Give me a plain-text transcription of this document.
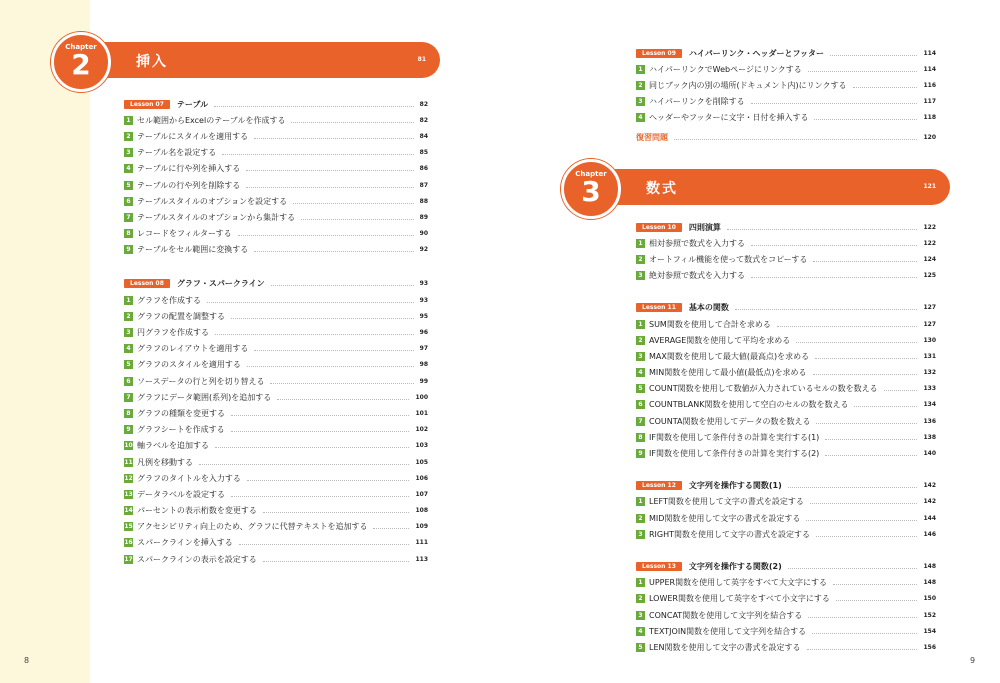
Chapter
2	挿入	81
Lesson 07	テーブル	82
1 セル範囲からExcelのテーブルを作成する	82
2 テーブルにスタイルを適用する	84
3 テーブル名を設定する	85
4 テーブルに行や列を挿入する	86
5 テーブルの行や列を削除する	87
6 テーブルスタイルのオプションを設定する	88
7 テーブルスタイルのオプションから集計する	89
8 レコードをフィルターする	90
9 テーブルをセル範囲に変換する	92
Lesson 08	グラフ・スパークライン	93
1 グラフを作成する	93
2 グラフの配置を調整する	95
3 円グラフを作成する	96
4 グラフのレイアウトを適用する	97
5 グラフのスタイルを適用する	98
6 ソースデータの行と列を切り替える	99
7 グラフにデータ範囲(系列)を追加する	100
8 グラフの種類を変更する	101
9 グラフシートを作成する	102
10 軸ラベルを追加する	103
11 凡例を移動する	105
12 グラフのタイトルを入力する	106
13 データラベルを設定する	107
14 パーセントの表示桁数を変更する	108
15 アクセシビリティ向上のため、グラフに代替テキストを追加する	109
16 スパークラインを挿入する	111
17 スパークラインの表示を設定する	113
Lesson 09	ハイパーリンク・ヘッダーとフッター	114
1 ハイパーリンクでWebページにリンクする	114
2 同じブック内の別の場所(ドキュメント内)にリンクする	116
3 ハイパーリンクを削除する	117
4 ヘッダーやフッターに文字・日付を挿入する	118
復習問題	120
Chapter
3	数式	121
Lesson 10	四則演算	122
1 相対参照で数式を入力する	122
2 オートフィル機能を使って数式をコピーする	124
3 絶対参照で数式を入力する	125
Lesson 11	基本の関数	127
1 SUM関数を使用して合計を求める	127
2 AVERAGE関数を使用して平均を求める	130
3 MAX関数を使用して最大値(最高点)を求める	131
4 MIN関数を使用して最小値(最低点)を求める	132
5 COUNT関数を使用して数値が入力されているセルの数を数える	133
6 COUNTBLANK関数を使用して空白のセルの数を数える	134
7 COUNTA関数を使用してデータの数を数える	136
8 IF関数を使用して条件付きの計算を実行する(1)	138
9 IF関数を使用して条件付きの計算を実行する(2)	140
Lesson 12	文字列を操作する関数(1)	142
1 LEFT関数を使用して文字の書式を設定する	142
2 MID関数を使用して文字の書式を設定する	144
3 RIGHT関数を使用して文字の書式を設定する	146
Lesson 13	文字列を操作する関数(2)	148
1 UPPER関数を使用して英字をすべて大文字にする	148
2 LOWER関数を使用して英字をすべて小文字にする	150
3 CONCAT関数を使用して文字列を結合する	152
4 TEXTJOIN関数を使用して文字列を結合する	154
5 LEN関数を使用して文字の書式を設定する	156
8	9
